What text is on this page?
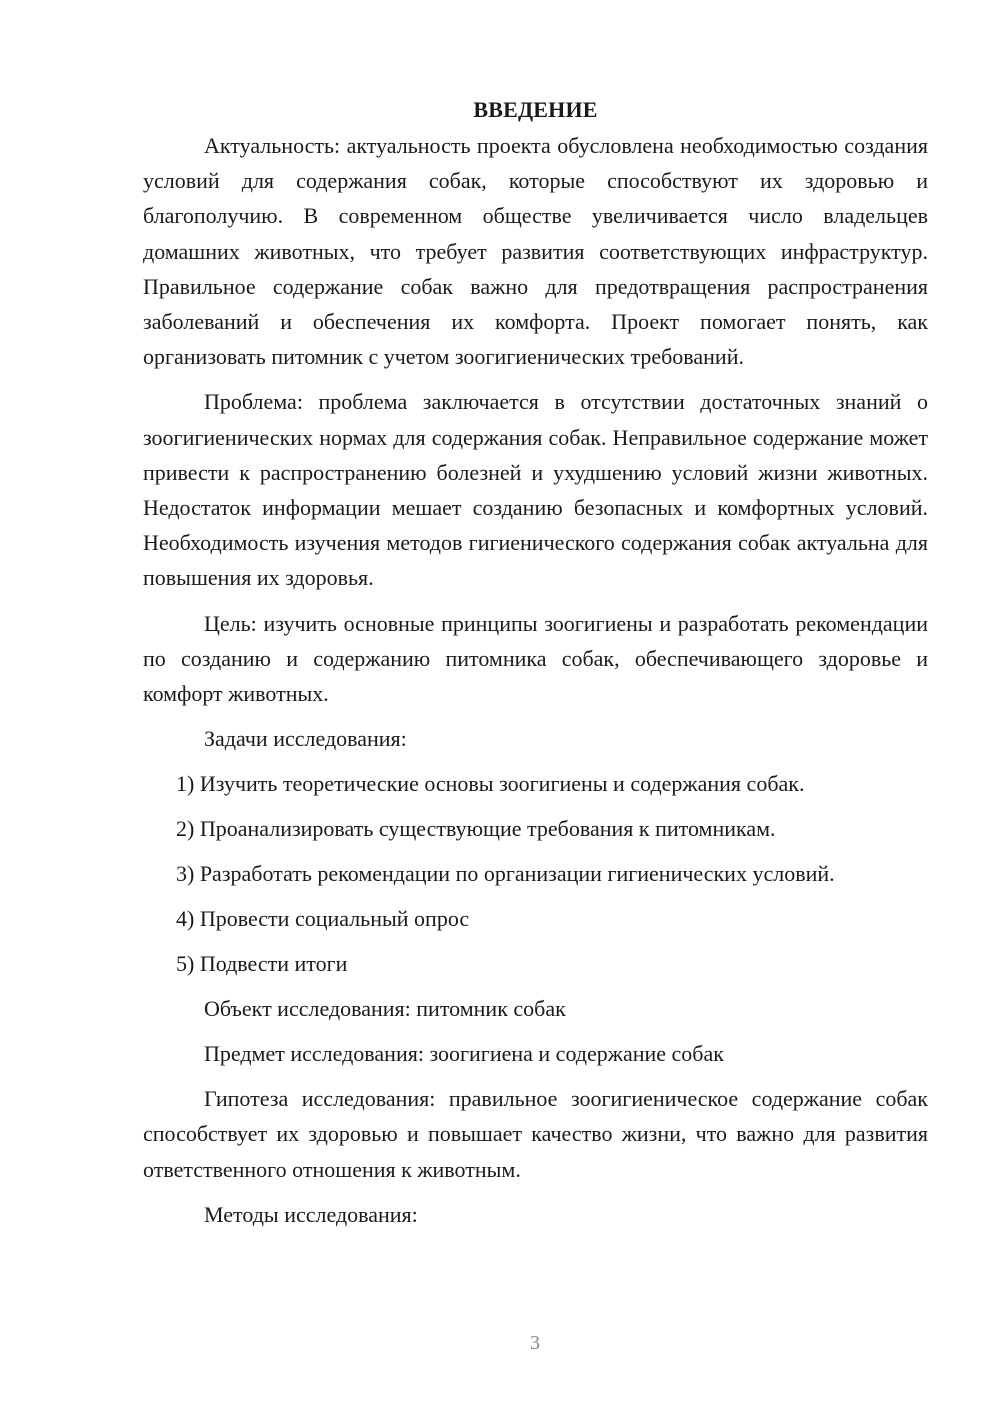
ВВЕДЕНИЕ

Актуальность: актуальность проекта обусловлена необходимостью создания условий для содержания собак, которые способствуют их здоровью и благополучию. В современном обществе увеличивается число владельцев домашних животных, что требует развития соответствующих инфраструктур. Правильное содержание собак важно для предотвращения распространения заболеваний и обеспечения их комфорта. Проект помогает понять, как организовать питомник с учетом зоогигиенических требований.

Проблема: проблема заключается в отсутствии достаточных знаний о зоогигиенических нормах для содержания собак. Неправильное содержание может привести к распространению болезней и ухудшению условий жизни животных. Недостаток информации мешает созданию безопасных и комфортных условий. Необходимость изучения методов гигиенического содержания собак актуальна для повышения их здоровья.

Цель: изучить основные принципы зоогигиены и разработать рекомендации по созданию и содержанию питомника собак, обеспечивающего здоровье и комфорт животных.

Задачи исследования:
1) Изучить теоретические основы зоогигиены и содержания собак.
2) Проанализировать существующие требования к питомникам.
3) Разработать рекомендации по организации гигиенических условий.
4) Провести социальный опрос
5) Подвести итоги
Объект исследования: питомник собак
Предмет исследования: зоогигиена и содержание собак

Гипотеза исследования: правильное зоогигиеническое содержание собак способствует их здоровью и повышает качество жизни, что важно для развития ответственного отношения к животным.

Методы исследования:
3
